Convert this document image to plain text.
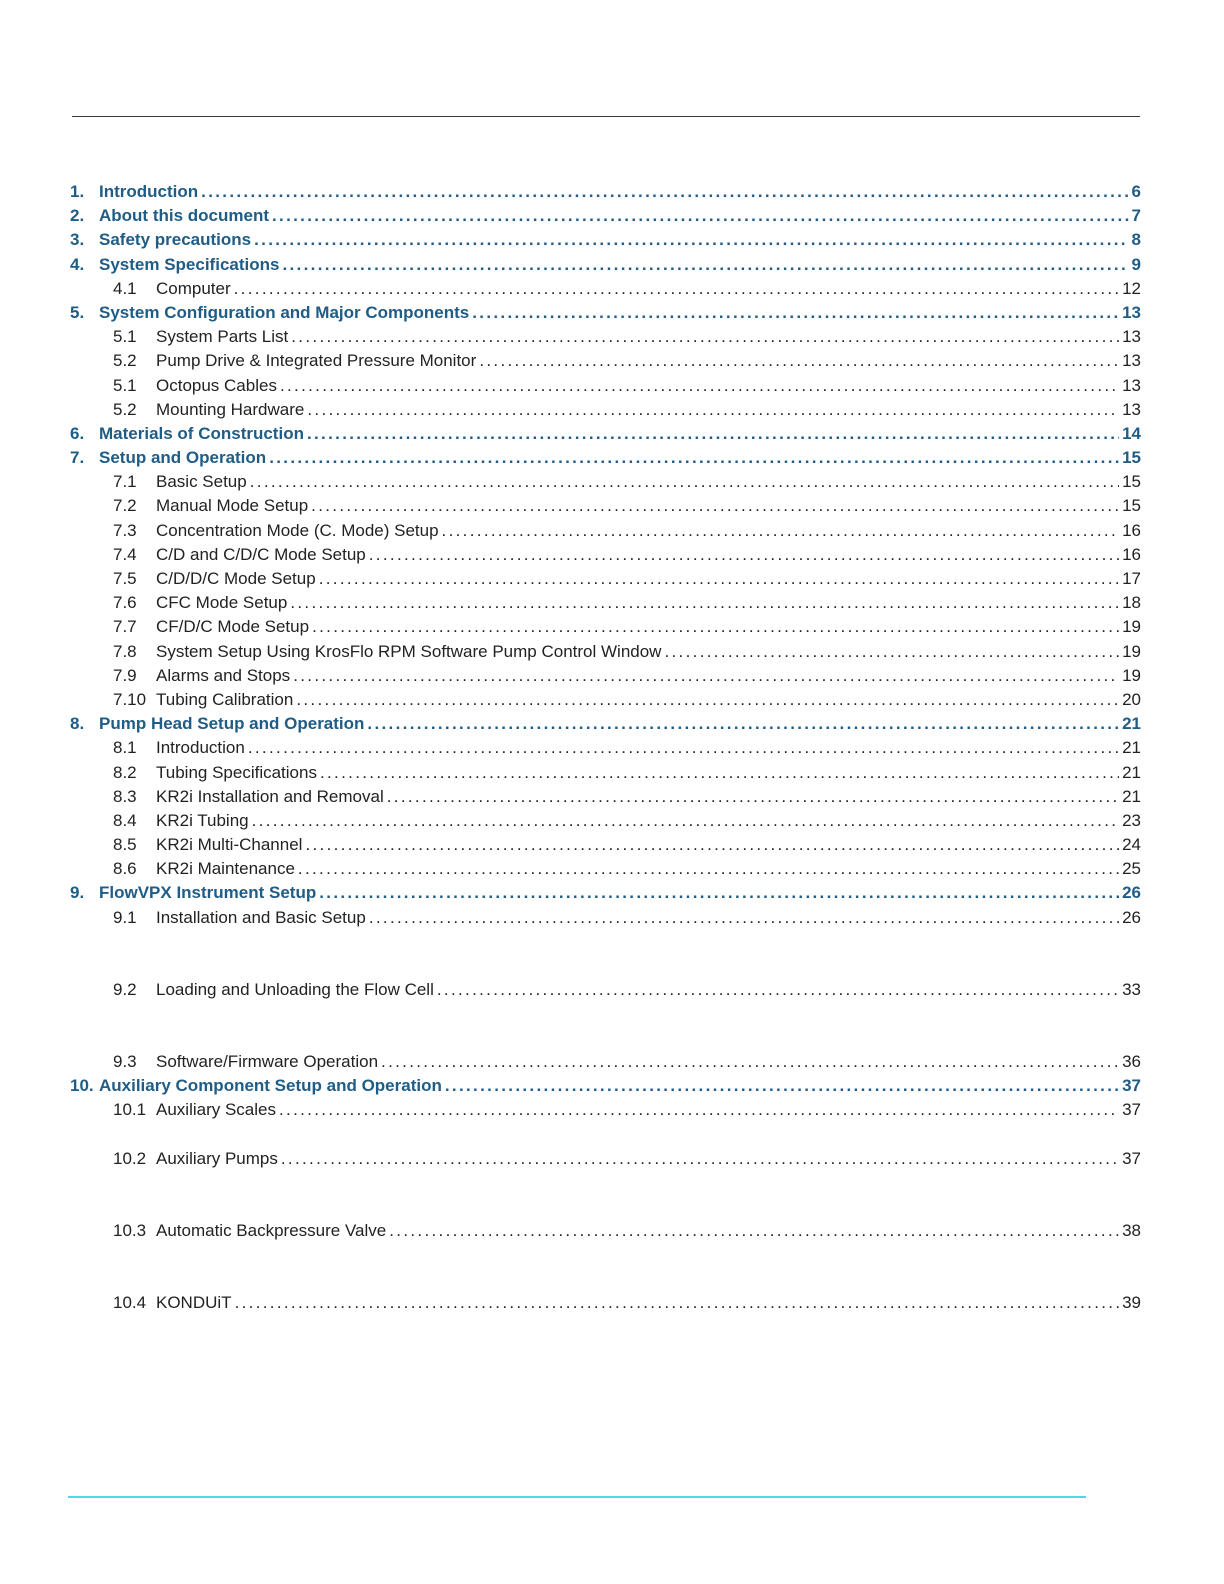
1. Introduction . . .	6
2. About this document . . .	7
3. Safety precautions . . .	8
4. System Specifications . . .	9
4.1	Computer . . .	12
5. System Configuration and Major Components . . .	13
5.1	System Parts List . . .	13
5.2	Pump Drive & Integrated Pressure Monitor . . .	13
5.1	Octopus Cables . . .	13
5.2	Mounting Hardware . . .	13
6. Materials of Construction . . .	14
7. Setup and Operation . . .	15
7.1	Basic Setup . . .	15
7.2	Manual Mode Setup . . .	15
7.3	Concentration Mode (C. Mode) Setup . . .	16
7.4	C/D and C/D/C Mode Setup . . .	16
7.5	C/D/D/C Mode Setup . . .	17
7.6	CFC Mode Setup . . .	18
7.7	CF/D/C Mode Setup . . .	19
7.8	System Setup Using KrosFlo RPM Software Pump Control Window . . .	19
7.9	Alarms and Stops . . .	19
7.10 Tubing Calibration . . .	20
8. Pump Head Setup and Operation . . .	21
8.1	Introduction . . .	21
8.2	Tubing Specifications . . .	21
8.3	KR2i Installation and Removal . . .	21
8.4	KR2i Tubing . . .	23
8.5	KR2i Multi-Channel . . .	24
8.6	KR2i Maintenance . . .	25
9. FlowVPX Instrument Setup . . .	26
9.1	Installation and Basic Setup . . .	26
9.2	Loading and Unloading the Flow Cell . . .	33
9.3	Software/Firmware Operation . . .	36
10. Auxiliary Component Setup and Operation . . .	37
10.1 Auxiliary Scales . . .	37
10.2 Auxiliary Pumps . . .	37
10.3 Automatic Backpressure Valve . . .	38
10.4 KONDUiT . . .	39
